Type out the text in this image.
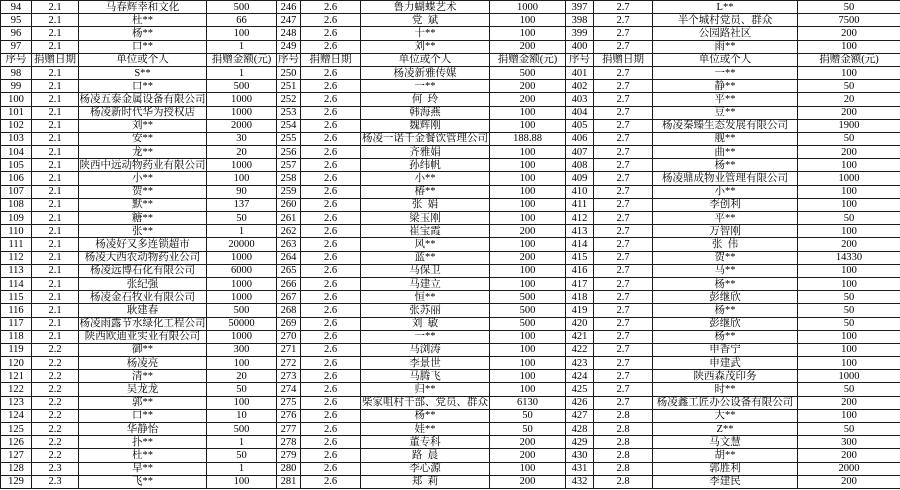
94	2.1	马春辉幸和文化	500	246	2.6	鲁力蝴蝶艺术	1000	397	2.7	L**	50
95	2.1	杜**	66	247	2.6	党  斌	100	398	2.7	半个城村党员、群众	7500
96	2.1	杨**	100	248	2.6	十**	100	399	2.7	公园路社区	200
97	2.1	口**	1	249	2.6	刘**	200	400	2.7	雨**	100
序号	捐赠日期	单位或个人	捐赠金额(元)	序号	捐赠日期	单位或个人	捐赠金额(元)	序号	捐赠日期	单位或个人	捐赠金额(元)
98	2.1	S**	1	250	2.6	杨凌新雅传媒	500	401	2.7	一**	100
99	2.1	口**	500	251	2.6	一**	200	402	2.7	静**	50
100	2.1	杨凌五泰金属设备有限公司	1000	252	2.6	何  玲	200	403	2.7	平**	20
101	2.1	杨凌新时代华为授权店	1000	253	2.6	韩海燕	100	404	2.7	豆**	200
102	2.1	刘**	2000	254	2.6	魏辉刚	100	405	2.7	杨凌秦臻生态发展有限公司	1900
103	2.1	安**	30	255	2.6	杨凌一诺千金餐饮管理公司	188.88	406	2.7	舰**	50
104	2.1	龙**	20	256	2.6	齐雅娟	100	407	2.7	曲**	200
105	2.1	陕西中远动物药业有限公司	1000	257	2.6	孙纬帆	100	408	2.7	杨**	100
106	2.1	小**	100	258	2.6	小**	100	409	2.7	杨凌鼎成物业管理有限公司	1000
107	2.1	贺**	90	259	2.6	椿**	100	410	2.7	小**	100
108	2.1	默**	137	260	2.6	张  娟	100	411	2.7	李创利	100
109	2.1	糖**	50	261	2.6	梁玉刚	100	412	2.7	平**	50
110	2.1	张**	1	262	2.6	崔宝霞	200	413	2.7	万智刚	100
111	2.1	杨凌好又多连锁超市	20000	263	2.6	风**	100	414	2.7	张  伟	200
112	2.1	杨凌大西农动物药业公司	1000	264	2.6	蓝**	200	415	2.7	贺**	14330
113	2.1	杨凌远博石化有限公司	6000	265	2.6	马保卫	100	416	2.7	马**	100
114	2.1	张纪强	1000	266	2.6	马建立	100	417	2.7	杨**	100
115	2.1	杨凌金石牧业有限公司	1000	267	2.6	恒**	500	418	2.7	彭继欣	50
116	2.1	耿建春	500	268	2.6	张苏丽	500	419	2.7	杨**	50
117	2.1	杨凌雨露节水绿化工程公司	50000	269	2.6	刘  敏	500	420	2.7	彭继欣	50
118	2.1	陕西欧迪亚实业有限公司	1000	270	2.6	一**	100	421	2.7	杨**	100
119	2.2	御**	300	271	2.6	马浏涛	100	422	2.7	申香宁	100
120	2.2	杨凌亮	100	272	2.6	李景世	100	423	2.7	申建武	100
121	2.2	清**	20	273	2.6	马腾飞	100	424	2.7	陕西森茂印务	1000
122	2.2	吴龙龙	50	274	2.6	归**	100	425	2.7	时**	50
123	2.2	郭**	100	275	2.6	柴家咀村干部、党员、群众	6130	426	2.7	杨凌鑫工匠办公设备有限公司	200
124	2.2	口**	10	276	2.6	杨**	50	427	2.8	大**	100
125	2.2	华静怡	500	277	2.6	娃**	50	428	2.8	Z**	50
126	2.2	扑**	1	278	2.6	董专科	200	429	2.8	马文慧	300
127	2.2	杜**	50	279	2.6	路  晨	200	430	2.8	胡**	200
128	2.3	早**	1	280	2.6	李心源	100	431	2.8	郭胜利	2000
129	2.3	飞**	100	281	2.6	郑  莉	200	432	2.8	李建民	200
